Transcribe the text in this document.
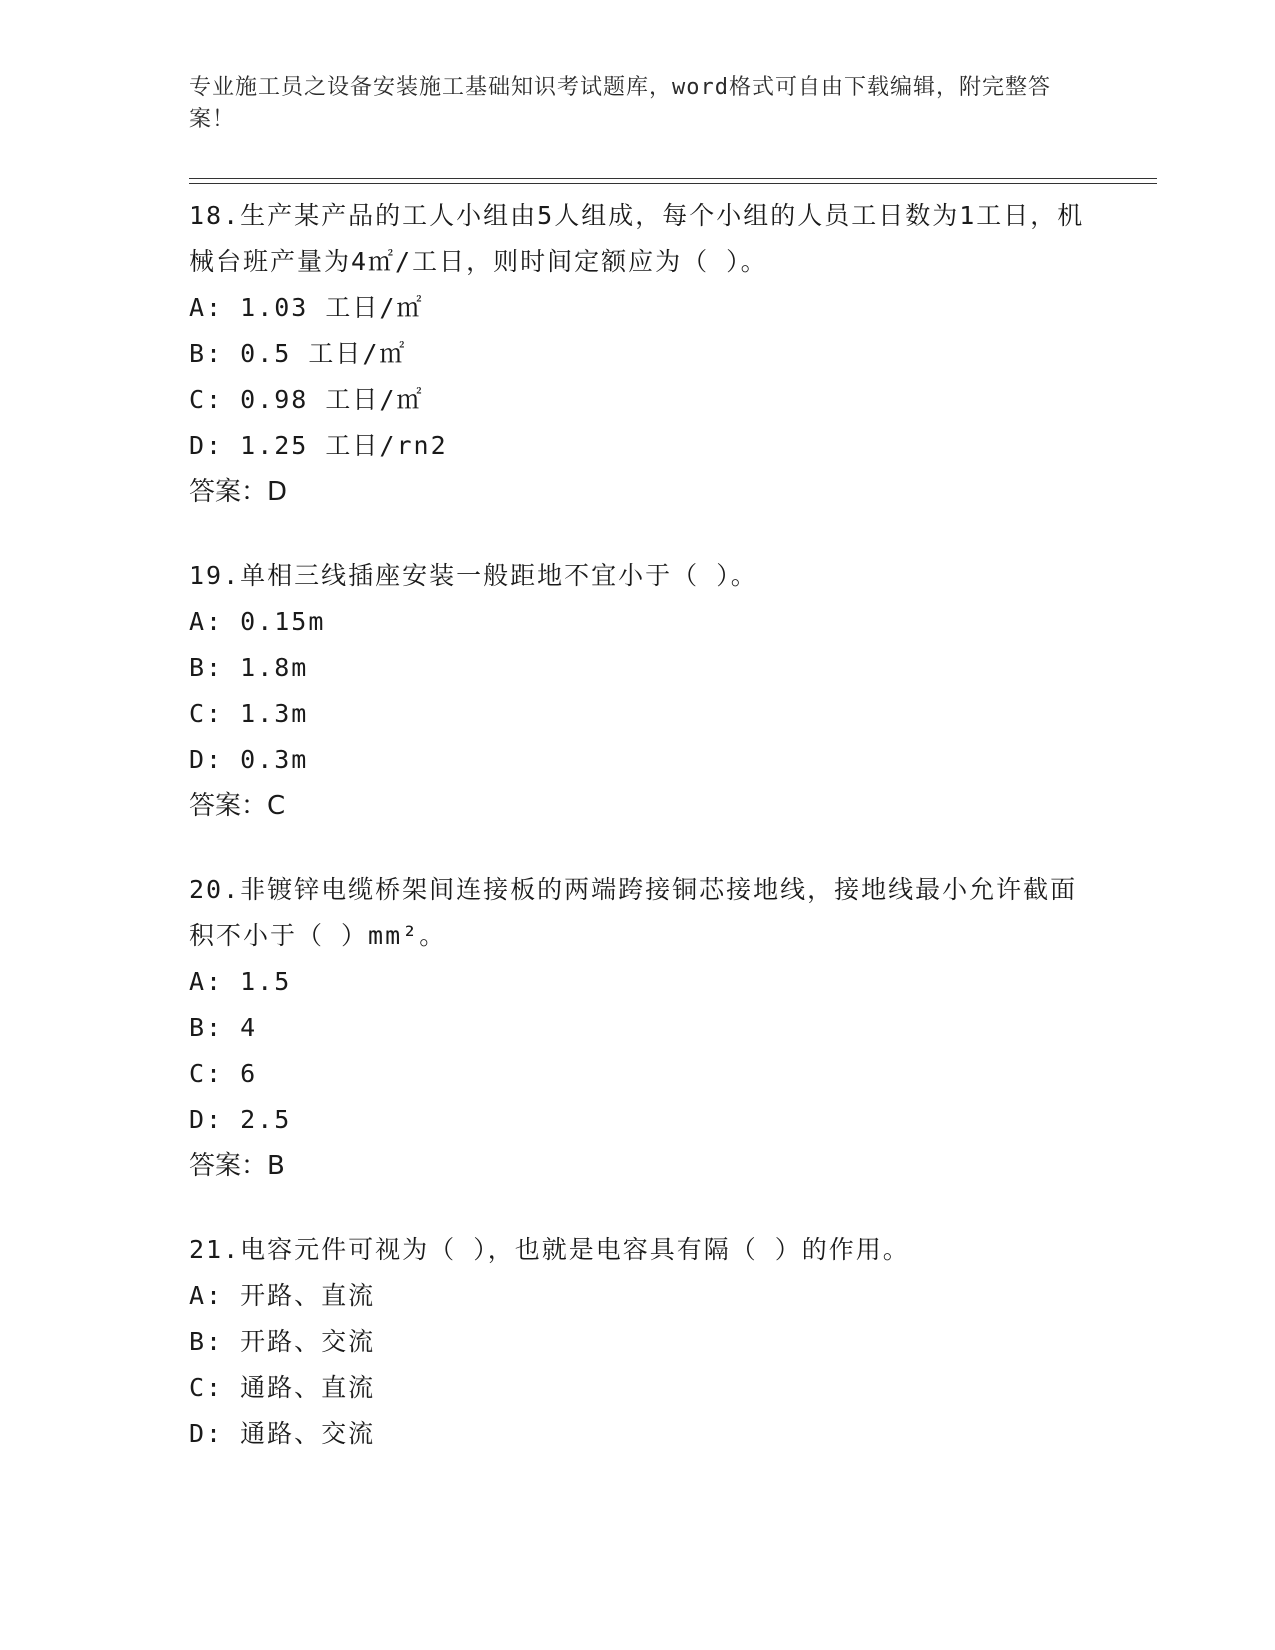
专业施工员之设备安装施工基础知识考试题库，word格式可自由下载编辑，附完整答案！

18.生产某产品的工人小组由5人组成，每个小组的人员工日数为1工日，机械台班产量为4㎡/工日，则时间定额应为（ ）。

A: 1.03 工日/㎡

B: 0.5 工日/㎡

C: 0.98 工日/㎡

D: 1.25 工日/rn2

答案：D

19.单相三线插座安装一般距地不宜小于（ ）。

A: 0.15m

B: 1.8m

C: 1.3m

D: 0.3m

答案：C

20.非镀锌电缆桥架间连接板的两端跨接铜芯接地线，接地线最小允许截面积不小于（ ）mm²。

A: 1.5

B: 4

C: 6

D: 2.5

答案：B

21.电容元件可视为（ ），也就是电容具有隔（ ）的作用。

A: 开路、直流

B: 开路、交流

C: 通路、直流

D: 通路、交流
